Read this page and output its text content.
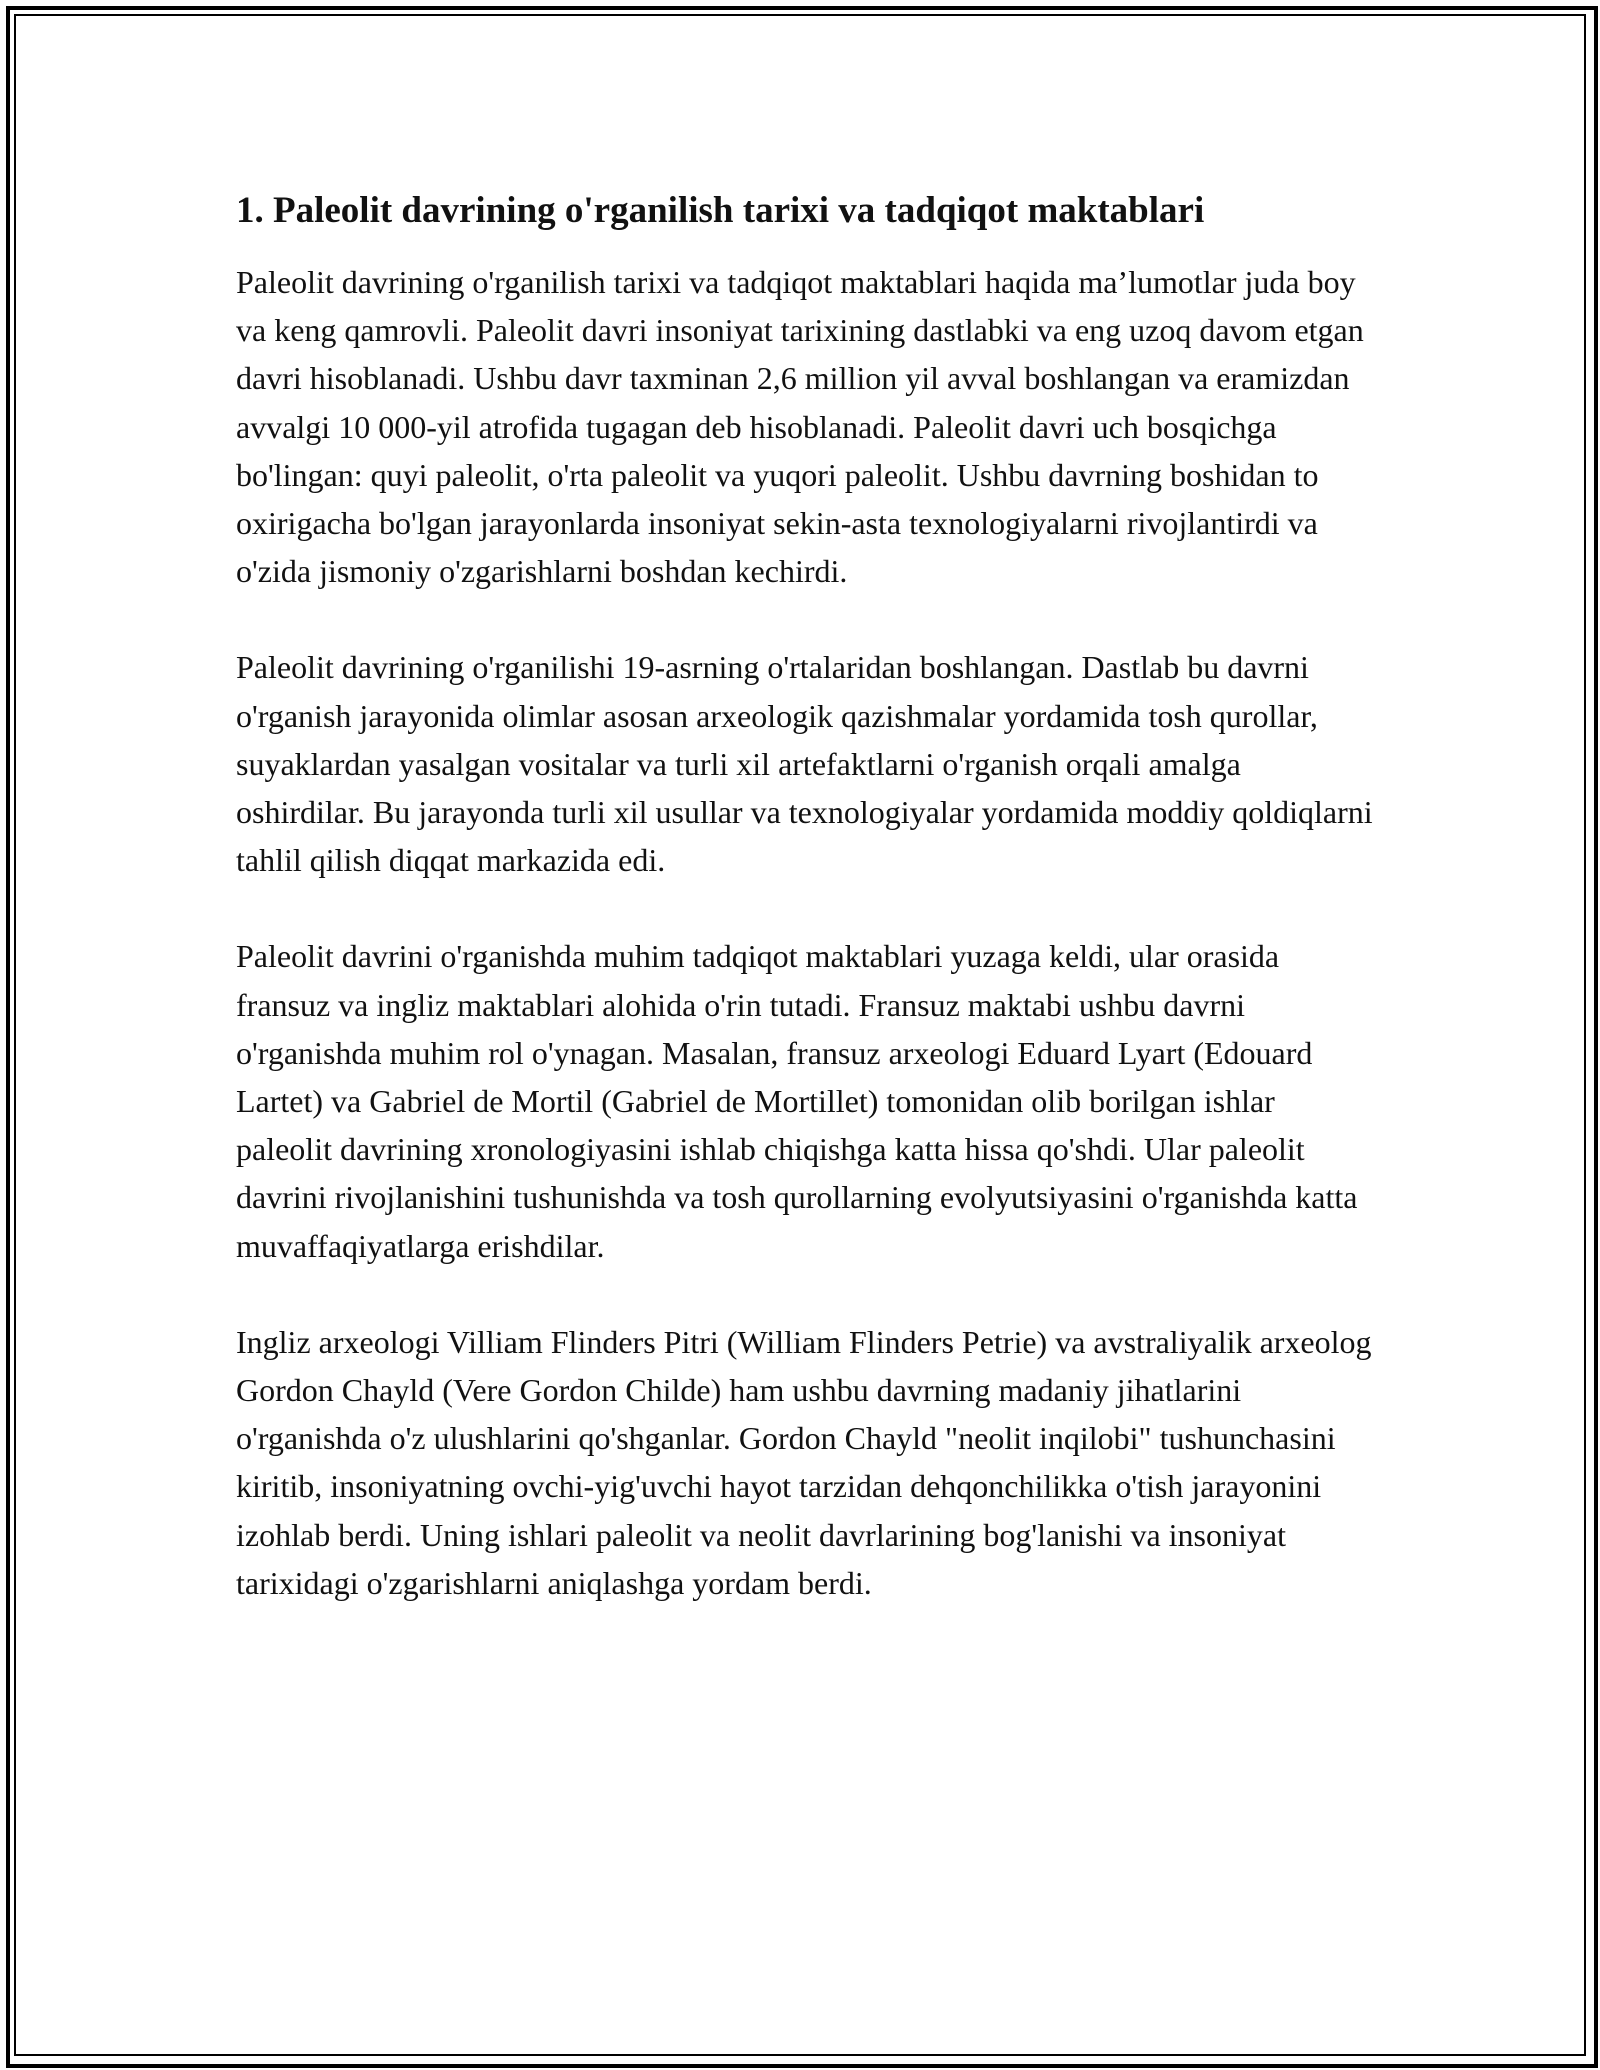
1. Paleolit davrining o'rganilish tarixi va tadqiqot maktablari

Paleolit davrining o'rganilish tarixi va tadqiqot maktablari haqida ma’lumotlar juda boy va keng qamrovli. Paleolit davri insoniyat tarixining dastlabki va eng uzoq davom etgan davri hisoblanadi. Ushbu davr taxminan 2,6 million yil avval boshlangan va eramizdan avvalgi 10 000-yil atrofida tugagan deb hisoblanadi. Paleolit davri uch bosqichga bo'lingan: quyi paleolit, o'rta paleolit va yuqori paleolit. Ushbu davrning boshidan to oxirigacha bo'lgan jarayonlarda insoniyat sekin-asta texnologiyalarni rivojlantirdi va o'zida jismoniy o'zgarishlarni boshdan kechirdi.

Paleolit davrining o'rganilishi 19-asrning o'rtalaridan boshlangan. Dastlab bu davrni o'rganish jarayonida olimlar asosan arxeologik qazishmalar yordamida tosh qurollar, suyaklardan yasalgan vositalar va turli xil artefaktlarni o'rganish orqali amalga oshirdilar. Bu jarayonda turli xil usullar va texnologiyalar yordamida moddiy qoldiqlarni tahlil qilish diqqat markazida edi.

Paleolit davrini o'rganishda muhim tadqiqot maktablari yuzaga keldi, ular orasida fransuz va ingliz maktablari alohida o'rin tutadi. Fransuz maktabi ushbu davrni o'rganishda muhim rol o'ynagan. Masalan, fransuz arxeologi Eduard Lyart (Edouard Lartet) va Gabriel de Mortil (Gabriel de Mortillet) tomonidan olib borilgan ishlar paleolit davrining xronologiyasini ishlab chiqishga katta hissa qo'shdi. Ular paleolit davrini rivojlanishini tushunishda va tosh qurollarning evolyutsiyasini o'rganishda katta muvaffaqiyatlarga erishdilar.

Ingliz arxeologi Villiam Flinders Pitri (William Flinders Petrie) va avstraliyalik arxeolog Gordon Chayld (Vere Gordon Childe) ham ushbu davrning madaniy jihatlarini o'rganishda o'z ulushlarini qo'shganlar. Gordon Chayld "neolit inqilobi" tushunchasini kiritib, insoniyatning ovchi-yig'uvchi hayot tarzidan dehqonchilikka o'tish jarayonini izohlab berdi. Uning ishlari paleolit va neolit davrlarining bog'lanishi va insoniyat tarixidagi o'zgarishlarni aniqlashga yordam berdi.
